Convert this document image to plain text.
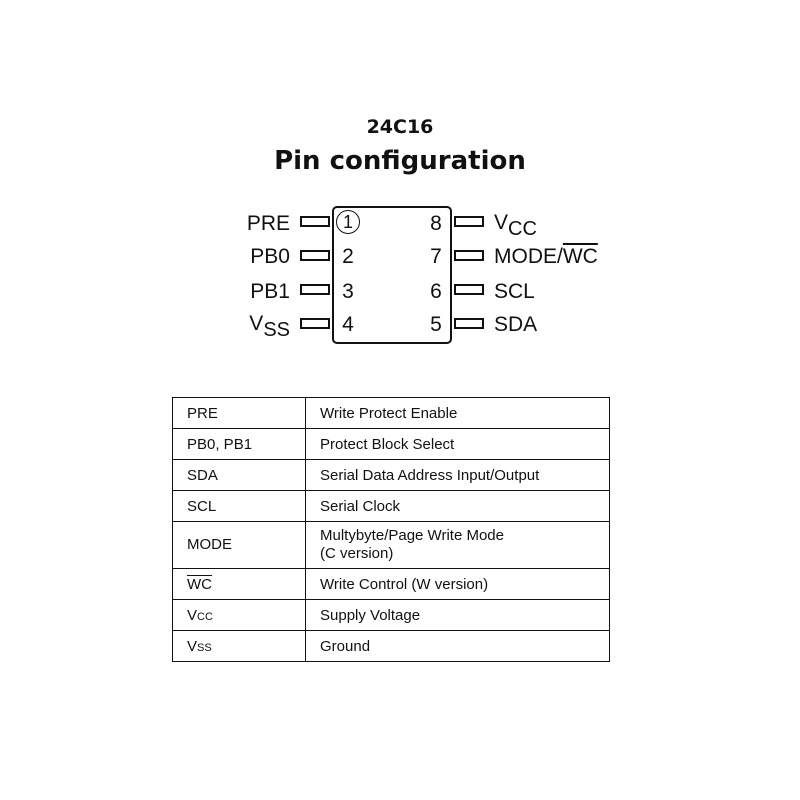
24C16
Pin configuration
1
2
3
4
8
7
6
5
PRE
PB0
PB1
VSS
VCC
MODE/$\overline{WC}$
SCL
SDA
PRE	Write Protect Enable
PB0, PB1	Protect Block Select
SDA	Serial Data Address Input/Output
SCL	Serial Clock
MODE	Multybyte/Page Write Mode
(C version)

$\overline{WC}$	Write Control (W version)
VCC	Supply Voltage
VSS	Ground
